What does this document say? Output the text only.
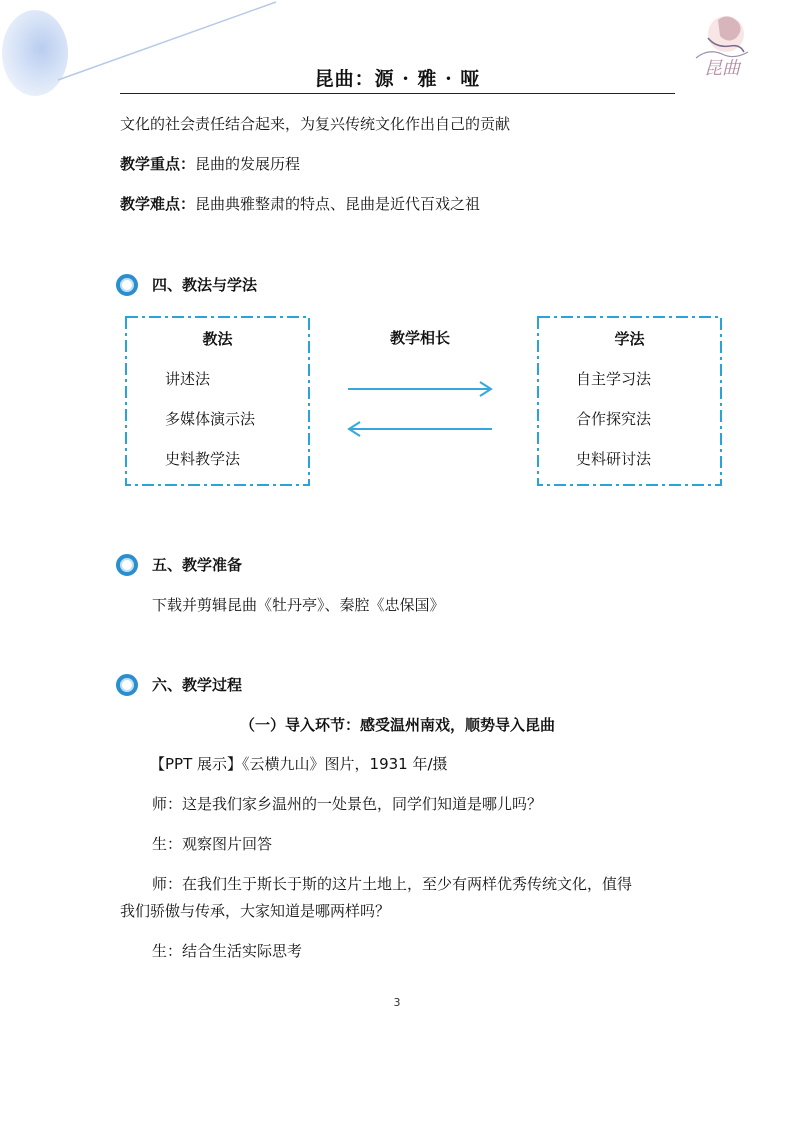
昆曲
昆曲：源 · 雅 · 哑
文化的社会责任结合起来，为复兴传统文化作出自己的贡献
教学重点：昆曲的发展历程
教学难点：昆曲典雅整肃的特点、昆曲是近代百戏之祖
四、教法与学法
教法
讲述法
多媒体演示法
史料教学法
教学相长	学法
自主学习法
合作探究法
史料研讨法
五、教学准备
下载并剪辑昆曲《牡丹亭》、秦腔《忠保国》
六、教学过程
（一）导入环节：感受温州南戏，顺势导入昆曲
【PPT 展示】《云横九山》图片，1931 年/摄
师：这是我们家乡温州的一处景色，同学们知道是哪儿吗？
生：观察图片回答
师：在我们生于斯长于斯的这片土地上，至少有两样优秀传统文化，值得
我们骄傲与传承，大家知道是哪两样吗？
生：结合生活实际思考
3
